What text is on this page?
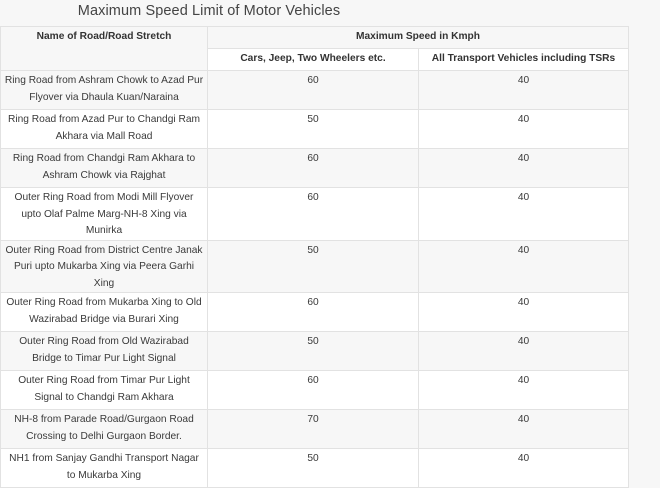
Maximum Speed Limit of Motor Vehicles
Name of Road/Road Stretch	Maximum Speed in Kmph	
	Cars, Jeep, Two Wheelers etc.	All Transport Vehicles including TSRs
Ring Road from Ashram Chowk to Azad Pur Flyover via Dhaula Kuan/Naraina	60	40
Ring Road from Azad Pur to Chandgi Ram Akhara via Mall Road	50	40
Ring Road from Chandgi Ram Akhara to Ashram Chowk via Rajghat	60	40
Outer Ring Road from Modi Mill Flyover upto Olaf Palme Marg-NH-8 Xing via Munirka	60	40
Outer Ring Road from District Centre Janak Puri upto Mukarba Xing via Peera Garhi Xing	50	40
Outer Ring Road from Mukarba Xing to Old Wazirabad Bridge via Burari Xing	60	40
Outer Ring Road from Old Wazirabad Bridge to Timar Pur Light Signal	50	40
Outer Ring Road from Timar Pur Light Signal to Chandgi Ram Akhara	60	40
NH-8 from Parade Road/Gurgaon Road Crossing to Delhi Gurgaon Border.	70	40
NH1 from Sanjay Gandhi Transport Nagar to Mukarba Xing	50	40
